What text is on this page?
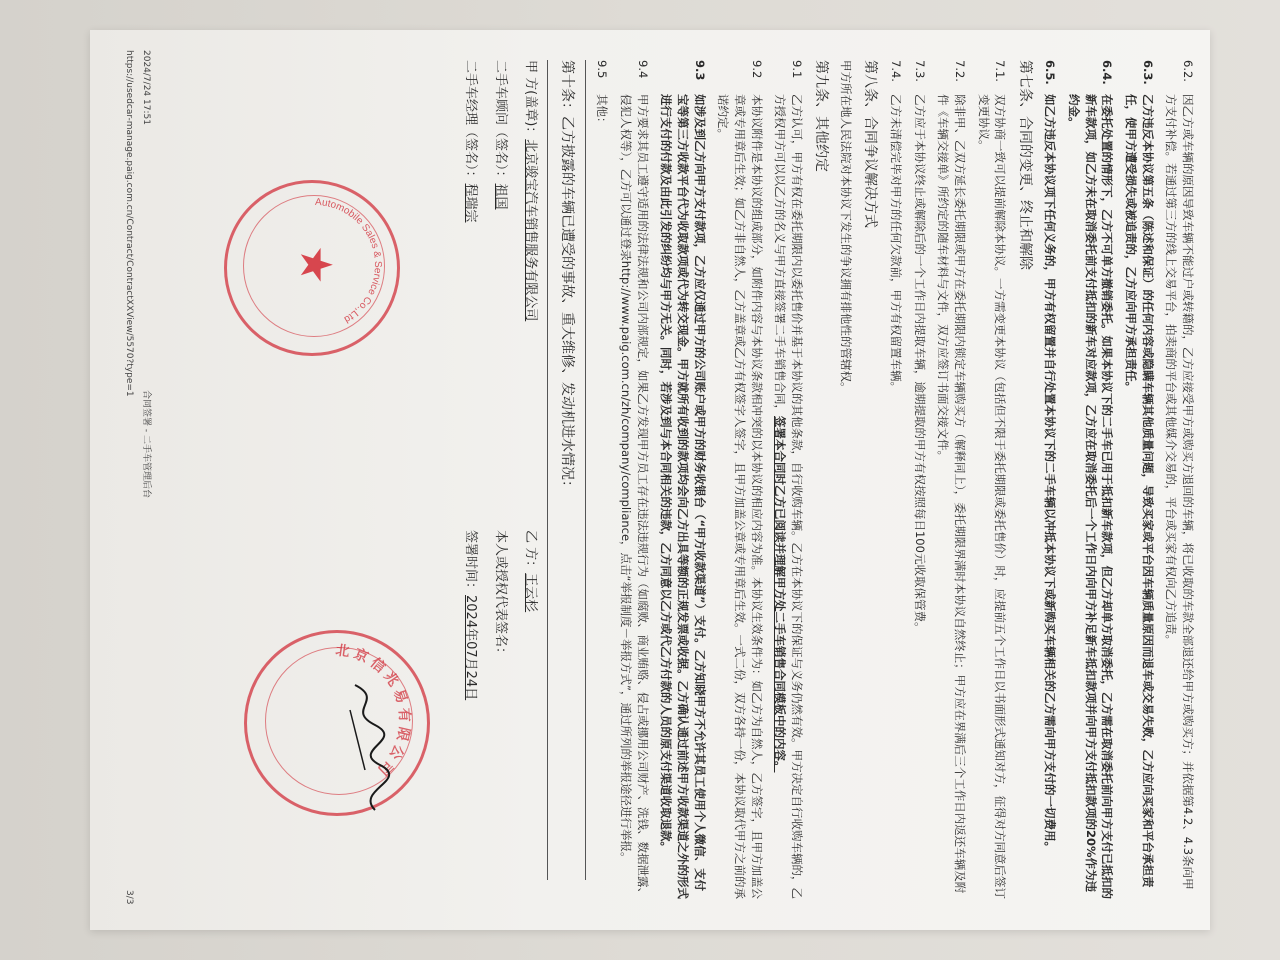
6.2.
因乙方或车辆的原因导致车辆不能过户或转籍的，乙方应接受甲方或购买方退回的车辆，将已收取的车款全部退还给甲方或购买方；并依据第4.2、4.3条向甲方支付补偿。若通过第三方的线上交易平台，拍卖商的平台或其他媒介交易的，平台或买家有权向乙方追责。
6.3.
乙方违反本协议第五条（陈述和保证）的任何内容或隐瞒车辆其他质量问题，导致买家或平台因车辆质量原因而退车或交易失败，乙方应向买家和平台承担责任，使甲方遭受损失或被追责的，乙方应向甲方承担责任。
6.4.
在委托处置的情形下，乙方不可单方撤销委托。如果本协议下的二手车已用于抵扣新车款项，但乙方却单方取消委托，乙方需在取消委托前向甲方支付已抵扣的新车款项，如乙方未在取消委托前支付抵扣的新车对应款项，乙方应在取消委托后一个工作日内向甲方补足新车抵扣款项并向甲方支付抵扣款项的20%作为违约金。
6.5.
如乙方违反本协议项下任何义务的，甲方有权留置并自行处置本协议下的二手车辆以冲抵本协议下或新购买车辆相关的乙方需向甲方支付的一切费用。
第七条、合同的变更、终止和解除
7.1.
双方协商一致可以提前解除本协议。一方需变更本协议（包括但不限于委托期限或委托售价）时，应提前五个工作日以书面形式通知对方，征得对方同意后签订变更协议。
7.2.
除非甲、乙双方延长委托期限或甲方在委托期限内锁定车辆购买方（解释同上），委托期限界满时本协议自然终止；甲方应在界满后三个工作日内返还车辆及附件《车辆交接单》所约定的随车材料与文件，双方应签订书面交接文件。
7.3.
乙方应于本协议终止或解除后的一个工作日内提取车辆，逾期提取的甲方有权按照每日100元收取保管费。
7.4.
乙方未清偿完毕对甲方的任何欠款前，甲方有权留置车辆。
第八条、合同争议解决方式
甲方所在地人民法院对本协议下发生的争议拥有排他性的管辖权。
第九条、其他约定
9.1
乙方认可，甲方有权在委托期限内以委托售价并基于本协议的其他条款，自行收购车辆。乙方在本协议下的保证与义务仍然有效。甲方决定自行收购车辆的，乙方授权甲方可以以乙方的名义与甲方直接签署二手车销售合同，签署本合同时乙方已阅读并理解甲方处二手车销售合同模板中的内容。
9.2
本协议附件是本协议的组成部分，如附件内容与本协议条款相冲突的以本协议的相应内容为准。本协议生效条件为：如乙方为自然人，乙方签字，且甲方加盖公章或专用章后生效；如乙方非自然人，乙方盖章或乙方有权签字人签字，且甲方加盖公章或专用章后生效。一式二份，双方各持一份，本协议取代甲方之前的承诺约定。
9.3
如涉及到乙方向甲方支付款项，乙方应仅通过甲方的公司账户或甲方的财务收银台（“甲方收款渠道”）支付。乙方知晓甲方不允许其员工使用个人微信、支付宝等第三方收款平台代为收取款项或代为转交现金。甲方就所有收到的款项均会向乙方出具等额的正规发票或收据。乙方确认通过前述甲方收款渠道之外的形式进行支付的付款及由此引发的纠纷均与甲方无关。同时，若涉及到与本合同相关的违款，乙方同意以乙方或代乙方付款的人员的原支付渠道收取退款。
9.4
甲方要求其员工遵守适用的法律法规和公司内部规定，如果乙方发现甲方员工存在违法违规行为（如腐败、商业贿赂、侵占或挪用公司财产、洗钱、数据泄露、侵犯人权等），乙方可以通过登录http://www.paig.com.cn/zh/company/compliance，点击“举报制度－举报方式”，通过所列的举报途径进行举报。
9.5
其他：
第十条：乙方披露的车辆已遭受的事故、重大维修、发动机进水情况：
甲 方(盖章)：北京骏宝汽车销售服务有限公司
乙 方：王云杉
二手车顾问（签名）：祖国
本人或授权代表签名：
二手车经理（签名）：程瑞宗
签署时间：2024年07月24日
★
Automobile Sales & Service Co.,Ltd
北京信兆易有限公司
2024/7/24 17:51
合同签署 - 二手车管理后台
https://usedcar-manage.paig.com.cn/Contract/ContractXXView/5570?type=1
3/3
